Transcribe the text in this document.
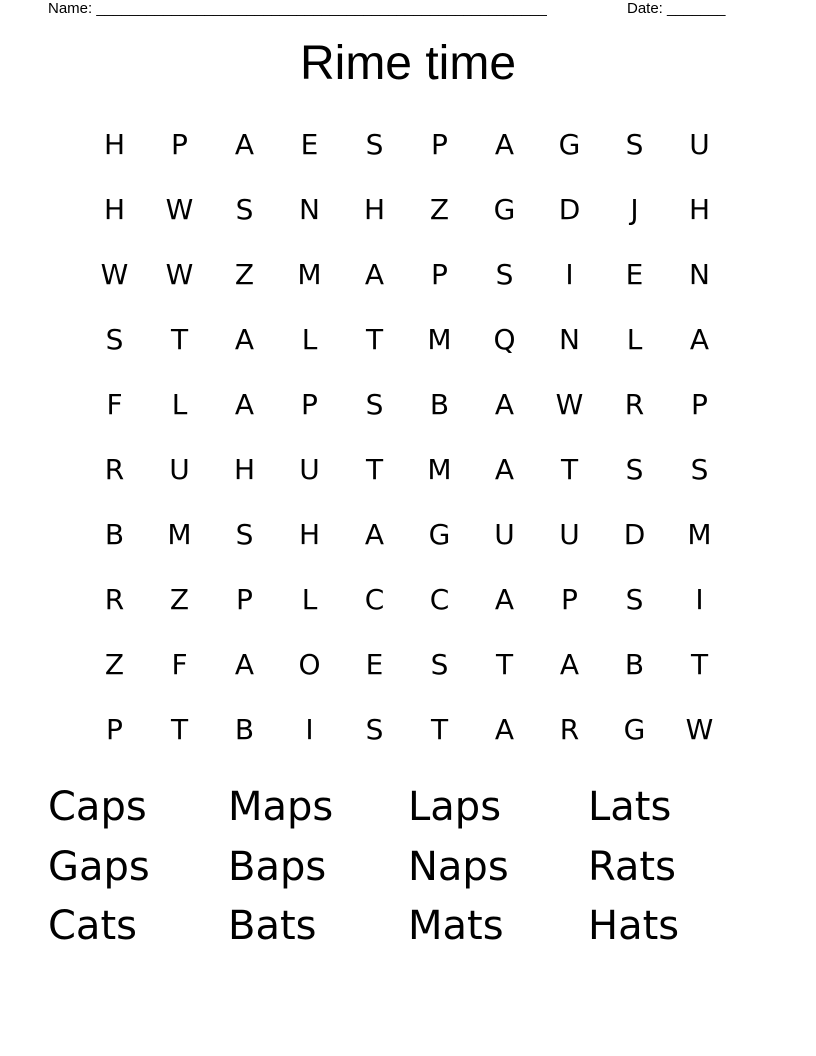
Name: ______________________________________________________	Date: _______
Rime time
H	P	A	E	S	P	A	G	S	U
H	W	S	N	H	Z	G	D	J	H
W	W	Z	M	A	P	S	I	E	N
S	T	A	L	T	M	Q	N	L	A
F	L	A	P	S	B	A	W	R	P
R	U	H	U	T	M	A	T	S	S
B	M	S	H	A	G	U	U	D	M
R	Z	P	L	C	C	A	P	S	I
Z	F	A	O	E	S	T	A	B	T
P	T	B	I	S	T	A	R	G	W
Caps	Maps	Laps	Lats
Gaps	Baps	Naps	Rats
Cats	Bats	Mats	Hats
